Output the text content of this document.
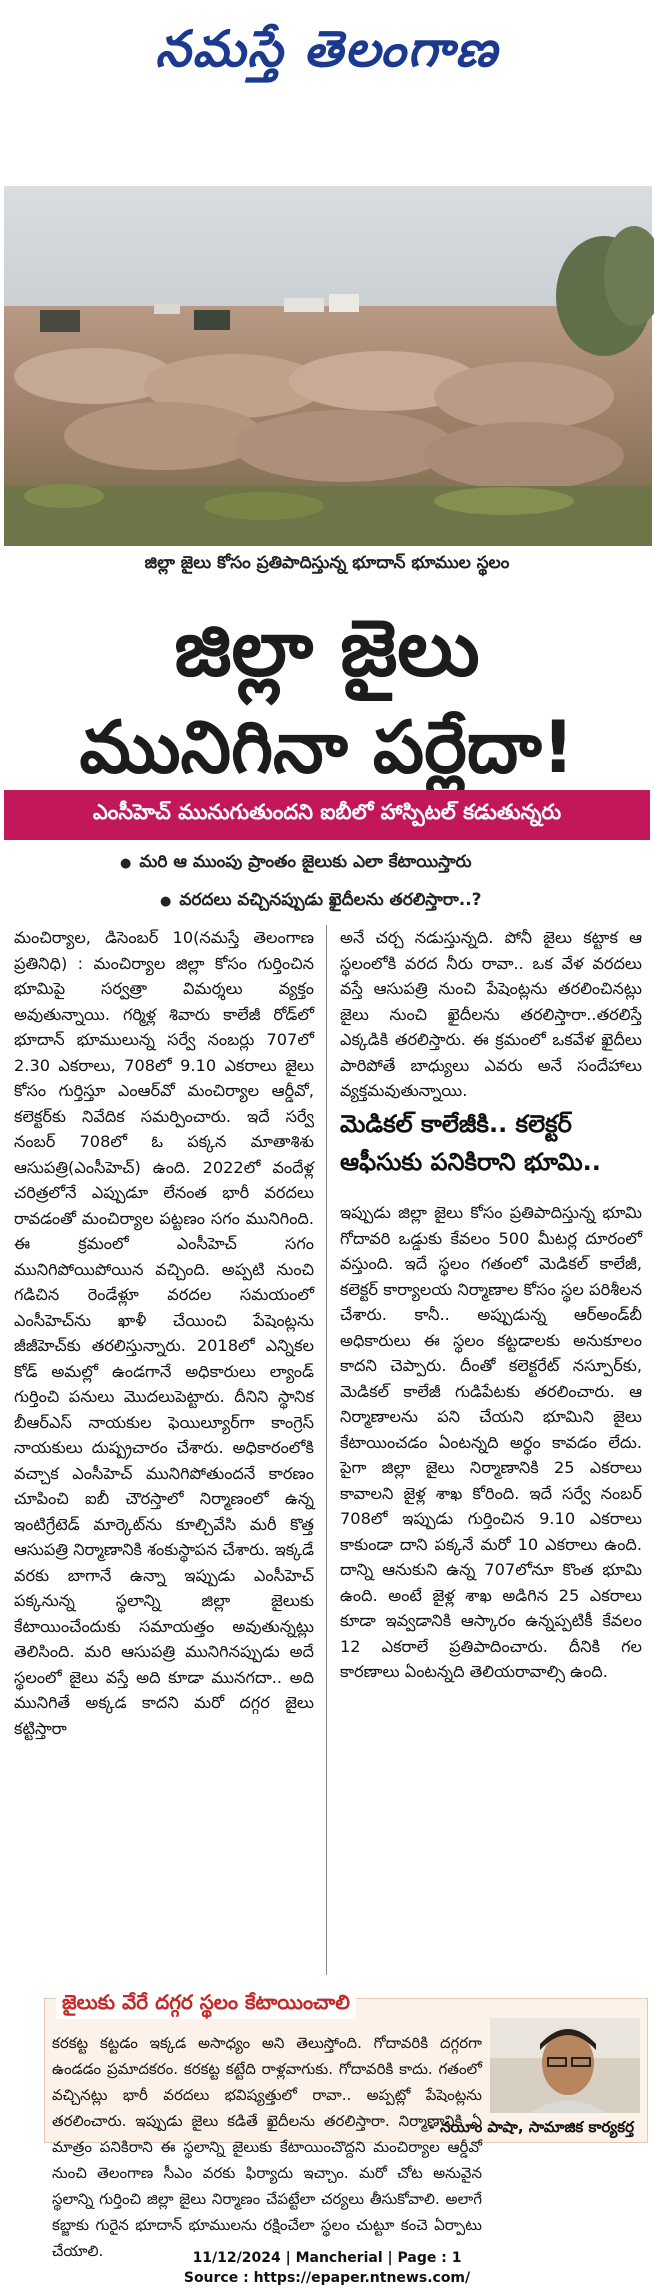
నమస్తే తెలంగాణ
జిల్లా జైలు కోసం ప్రతిపాదిస్తున్న భూదాన్ భూముల స్థలం
జిల్లా జైలు
మునిగినా పర్లేదా!
ఎంసీహెచ్ మునుగుతుందని ఐబీలో హాస్పిటల్ కడుతున్నరు
● మరి ఆ ముంపు ప్రాంతం జైలుకు ఎలా కేటాయిస్తారు
● వరదలు వచ్చినప్పుడు ఖైదీలను తరలిస్తారా..?
మంచిర్యాల, డిసెంబర్ 10(నమస్తే తెలంగాణ ప్రతినిధి) : మంచిర్యాల జిల్లా కోసం గుర్తించిన భూమిపై సర్వత్రా విమర్శలు వ్యక్తం అవుతున్నాయి. గర్మిళ్ల శివారు కాలేజీ రోడ్‌లో భూదాన్ భూములున్న సర్వే నంబర్లు 707లో 2.30 ఎకరాలు, 708లో 9.10 ఎకరాలు జైలు కోసం గుర్తిస్తూ ఎంఆర్‌వో మంచిర్యాల ఆర్డీవో, కలెక్టర్‌కు నివేదిక సమర్పించారు. ఇదే సర్వే నంబర్ 708లో ఓ పక్కన మాతాశిశు ఆసుపత్రి(ఎంసీహెచ్) ఉంది. 2022లో వందేళ్ల చరిత్రలోనే ఎప్పుడూ లేనంత భారీ వరదలు రావడంతో మంచిర్యాల పట్టణం సగం మునిగింది. ఈ క్రమంలో ఎంసీహెచ్ సగం మునిగిపోయిపోయిన వచ్చింది. అప్పటి నుంచి గడిచిన రెండేళ్లూ వరదల సమయంలో ఎంసీహెచ్‌ను ఖాళీ చేయించి పేషెంట్లను జీజీహెచ్‌కు తరలిస్తున్నారు. 2018లో ఎన్నికల కోడ్ అమల్లో ఉండగానే అధికారులు ల్యాండ్ గుర్తించి పనులు మొదలుపెట్టారు. దీనిని స్థానిక బీఆర్ఎస్ నాయకుల ఫెయిల్యూర్‌గా కాంగ్రెస్ నాయకులు దుష్ప్రచారం చేశారు. అధికారంలోకి వచ్చాక ఎంసీహెచ్ మునిగిపోతుందనే కారణం చూపించి ఐబీ చౌరస్తాలో నిర్మాణంలో ఉన్న ఇంటిగ్రేటెడ్ మార్కెట్‌ను కూల్చివేసి మరీ కొత్త ఆసుపత్రి నిర్మాణానికి శంకుస్థాపన చేశారు. ఇక్కడే వరకు బాగానే ఉన్నా ఇప్పుడు ఎంసీహెచ్ పక్కనున్న స్థలాన్ని జిల్లా జైలుకు కేటాయించేందుకు సమాయత్తం అవుతున్నట్లు తెలిసింది. మరి ఆసుపత్రి మునిగినప్పుడు అదే స్థలంలో జైలు వస్తే అది కూడా మునగదా.. అది మునిగితే అక్కడ కాదని మరో దగ్గర జైలు కట్టిస్తారా
అనే చర్చ నడుస్తున్నది. పోనీ జైలు కట్టాక ఆ స్థలంలోకి వరద నీరు రావా.. ఒక వేళ వరదలు వస్తే ఆసుపత్రి నుంచి పేషెంట్లను తరలించినట్లు జైలు నుంచి ఖైదీలను తరలిస్తారా..తరలిస్తే ఎక్కడికి తరలిస్తారు. ఈ క్రమంలో ఒకవేళ ఖైదీలు పారిపోతే బాధ్యులు ఎవరు అనే సందేహాలు వ్యక్తమవుతున్నాయి.
మెడికల్ కాలేజీకి.. కలెక్టర్ ఆఫీసుకు పనికిరాని భూమి..
ఇప్పుడు జిల్లా జైలు కోసం ప్రతిపాదిస్తున్న భూమి గోదావరి ఒడ్డుకు కేవలం 500 మీటర్ల దూరంలో వస్తుంది. ఇదే స్థలం గతంలో మెడికల్ కాలేజీ, కలెక్టర్ కార్యాలయ నిర్మాణాల కోసం స్థల పరిశీలన చేశారు. కానీ.. అప్పుడున్న ఆర్అండ్‌బీ అధికారులు ఈ స్థలం కట్టడాలకు అనుకూలం కాదని చెప్పారు. దీంతో కలెక్టరేట్ నస్పూర్‌కు, మెడికల్ కాలేజీ గుడిపేటకు తరలించారు. ఆ నిర్మాణాలను పని చేయని భూమిని జైలు కేటాయించడం ఏంటన్నది అర్థం కావడం లేదు. పైగా జిల్లా జైలు నిర్మాణానికి 25 ఎకరాలు కావాలని జైళ్ల శాఖ కోరింది. ఇదే సర్వే నంబర్ 708లో ఇప్పుడు గుర్తించిన 9.10 ఎకరాలు కాకుండా దాని పక్కనే మరో 10 ఎకరాలు ఉంది. దాన్ని ఆనుకుని ఉన్న 707లోనూ కొంత భూమి ఉంది. అంటే జైళ్ల శాఖ అడిగిన 25 ఎకరాలు కూడా ఇవ్వడానికి ఆస్కారం ఉన్నప్పటికీ కేవలం 12 ఎకరాలే ప్రతిపాదించారు. దీనికి గల కారణాలు ఏంటన్నది తెలియరావాల్సి ఉంది.
జైలుకు వేరే దగ్గర స్థలం కేటాయించాలి
కరకట్ట కట్టడం ఇక్కడ అసాధ్యం అని తెలుస్తోంది. గోదావరికి దగ్గరగా ఉండడం ప్రమాదకరం. కరకట్ట కట్టేది రాళ్లవాగుకు. గోదావరికి కాదు. గతంలో వచ్చినట్లు భారీ వరదలు భవిష్యత్తులో రావా.. అప్పట్లో పేషెంట్లను తరలించారు. ఇప్పుడు జైలు కడితే ఖైదీలను తరలిస్తారా. నిర్మాణానికి ఏ మాత్రం పనికిరాని ఈ స్థలాన్ని జైలుకు కేటాయించొద్దని మంచిర్యాల ఆర్డీవో నుంచి తెలంగాణ సీఎం వరకు ఫిర్యాదు ఇచ్చాం. మరో చోట అనువైన స్థలాన్ని గుర్తించి జిల్లా జైలు నిర్మాణం చేపట్టేలా చర్యలు తీసుకోవాలి. అలాగే కబ్జాకు గురైన భూదాన్ భూములను రక్షించేలా స్థలం చుట్టూ కంచె ఏర్పాటు చేయాలి.
- నయీం పాషా, సామాజిక కార్యకర్త
11/12/2024 | Mancherial | Page : 1
Source : https://epaper.ntnews.com/
